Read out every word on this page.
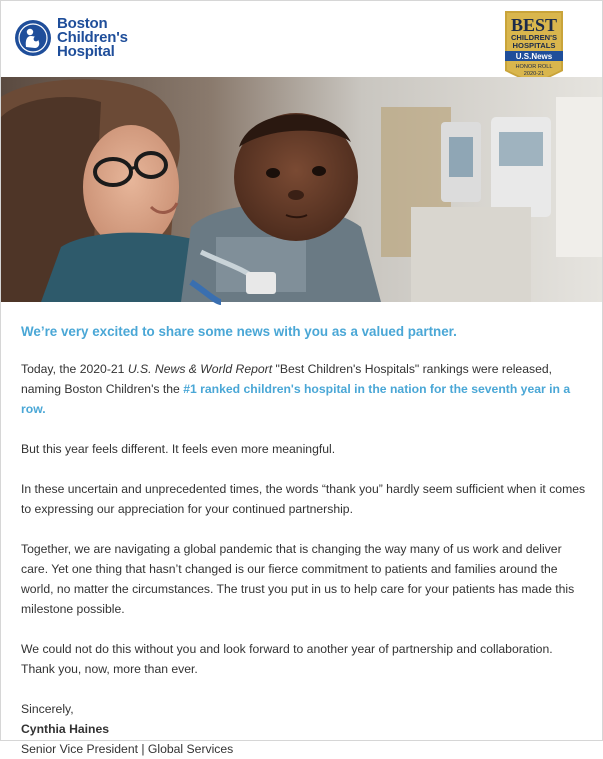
Boston
Children's
Hospital
BEST
CHILDREN'S
HOSPITALS
U.S.News
HONOR ROLL
2020-21
We’re very excited to share some news with you as a valued partner.

Today, the 2020-21 U.S. News & World Report "Best Children's Hospitals" rankings were released, naming Boston Children's the #1 ranked children's hospital in the nation for the seventh year in a row.

But this year feels different. It feels even more meaningful.

In these uncertain and unprecedented times, the words “thank you” hardly seem sufficient when it comes to expressing our appreciation for your continued partnership.

Together, we are navigating a global pandemic that is changing the way many of us work and deliver care. Yet one thing that hasn’t changed is our fierce commitment to patients and families around the world, no matter the circumstances. The trust you put in us to help care for your patients has made this milestone possible.

We could not do this without you and look forward to another year of partnership and collaboration. Thank you, now, more than ever.

Sincerely,

Cynthia Haines

Senior Vice President | Global Services
